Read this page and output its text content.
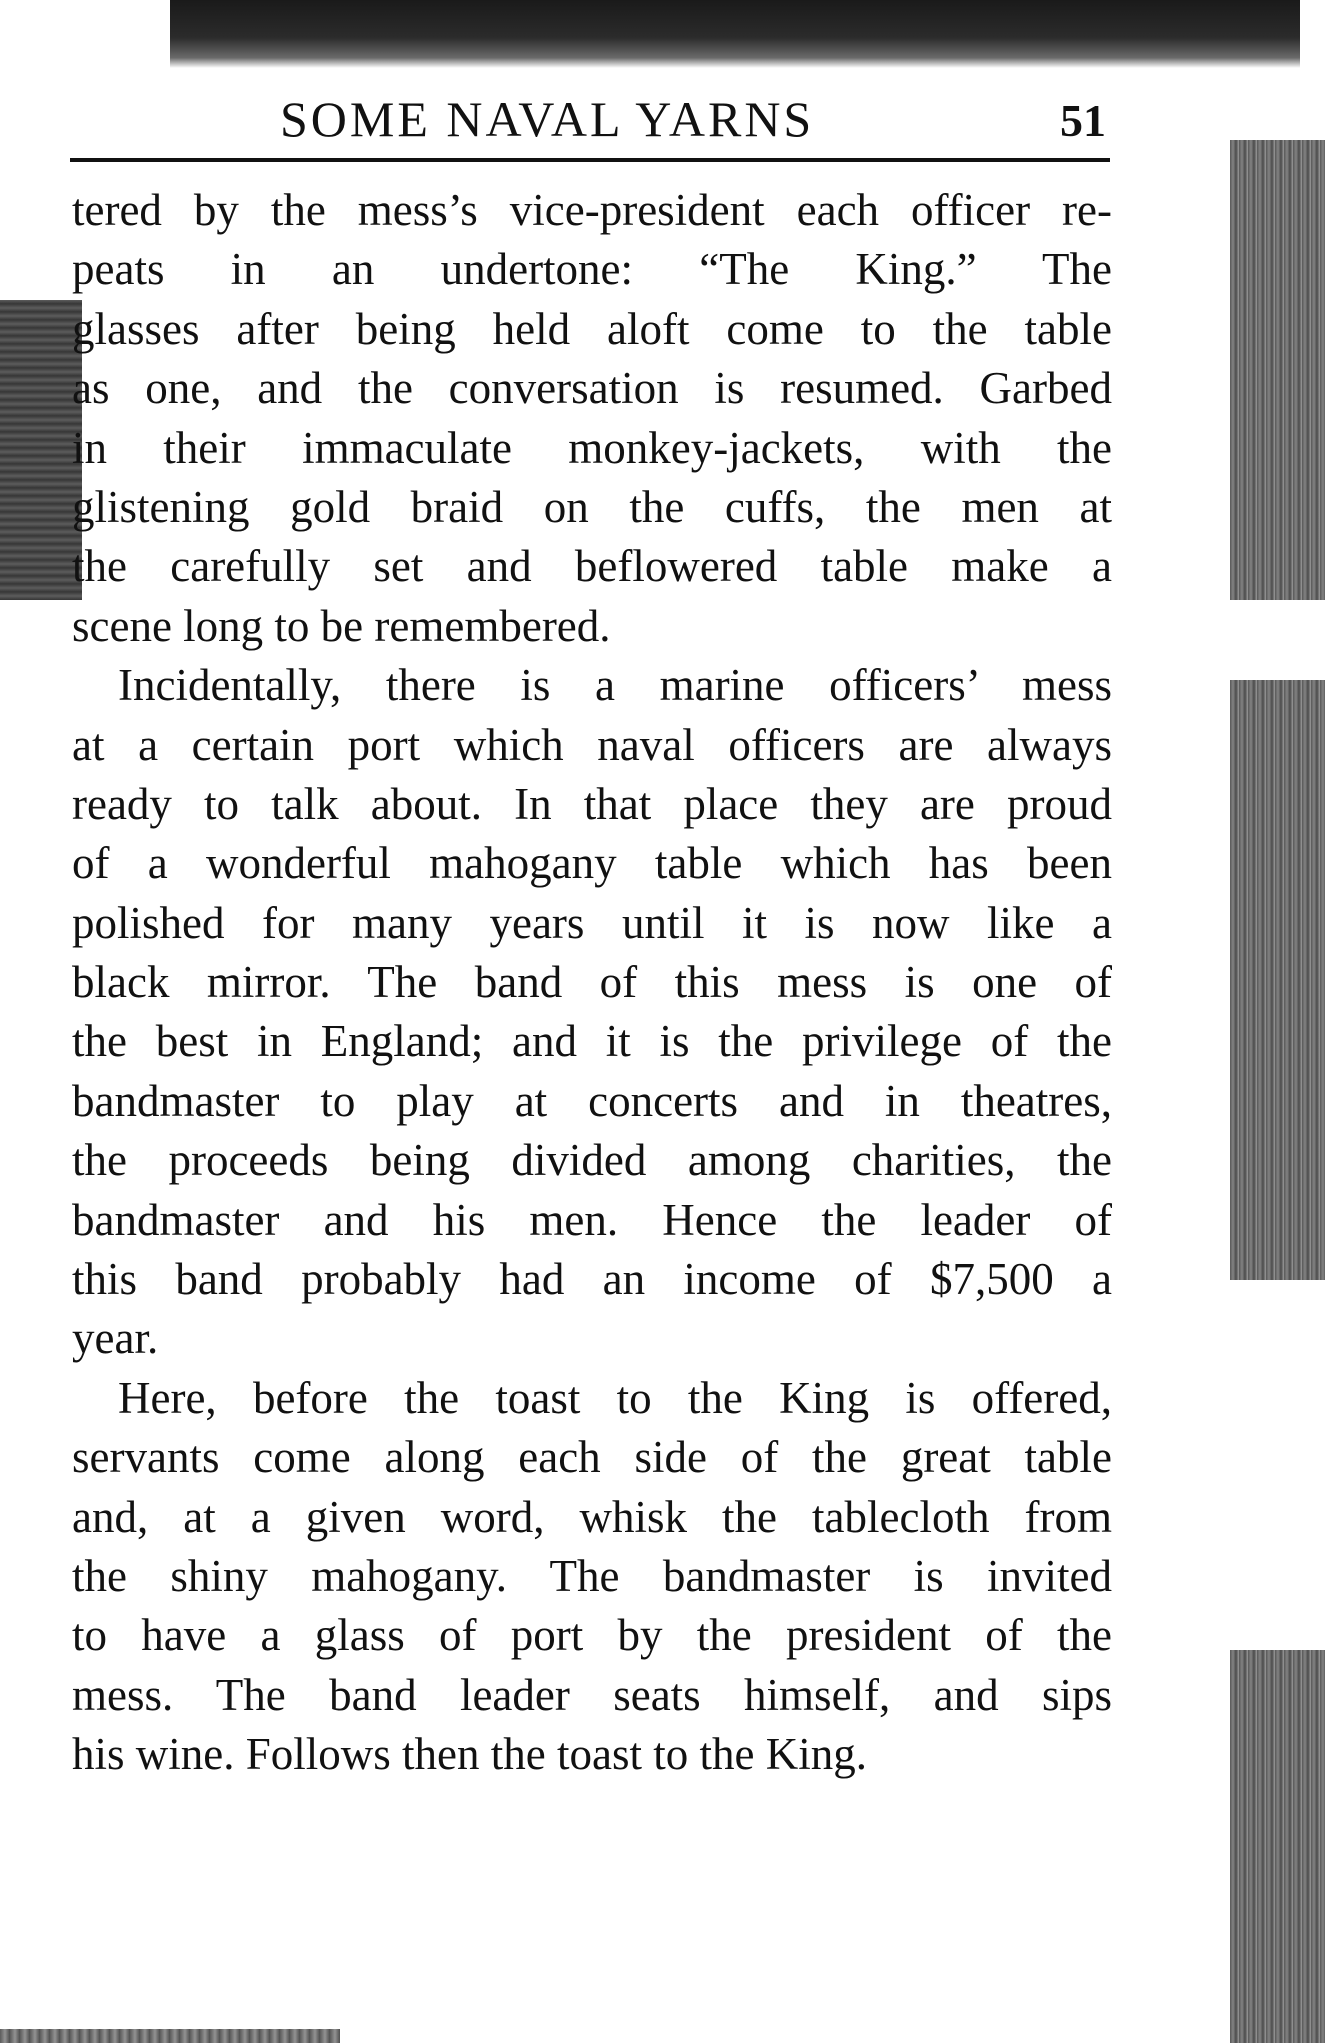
SOME NAVAL YARNS	51
tered by the mess’s vice-president each officer re-
peats in an undertone: “The King.” The
glasses after being held aloft come to the table
as one, and the conversation is resumed. Garbed
in their immaculate monkey-jackets, with the
glistening gold braid on the cuffs, the men at
the carefully set and beflowered table make a
scene long to be remembered.
Incidentally, there is a marine officers’ mess
at a certain port which naval officers are always
ready to talk about. In that place they are proud
of a wonderful mahogany table which has been
polished for many years until it is now like a
black mirror. The band of this mess is one of
the best in England; and it is the privilege of the
bandmaster to play at concerts and in theatres,
the proceeds being divided among charities, the
bandmaster and his men. Hence the leader of
this band probably had an income of $7,500 a
year.
Here, before the toast to the King is offered,
servants come along each side of the great table
and, at a given word, whisk the tablecloth from
the shiny mahogany. The bandmaster is invited
to have a glass of port by the president of the
mess. The band leader seats himself, and sips
his wine. Follows then the toast to the King.
